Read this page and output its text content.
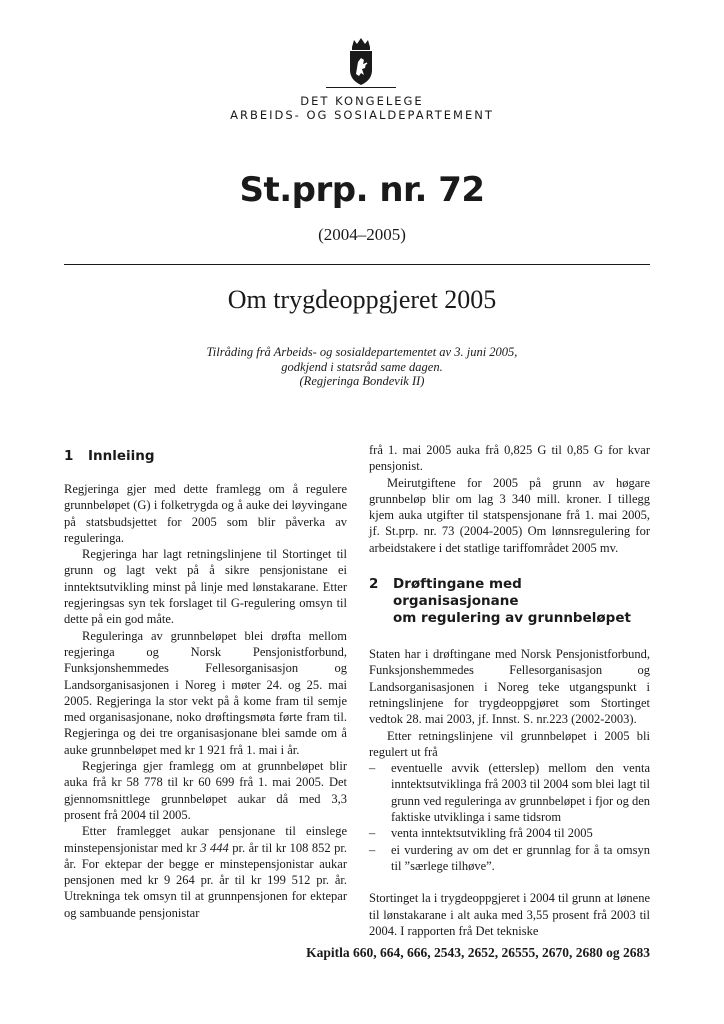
DET KONGELEGE
ARBEIDS- OG SOSIALDEPARTEMENT
St.prp. nr. 72
(2004–2005)
Om trygdeoppgjeret 2005
Tilråding frå Arbeids- og sosialdepartementet av 3. juni 2005,
godkjend i statsråd same dagen.
(Regjeringa Bondevik II)
1	Innleiing

Regjeringa gjer med dette framlegg om å regulere grunnbeløpet (G) i folketrygda og å auke dei løyvingane på statsbudsjettet for 2005 som blir påverka av reguleringa.

Regjeringa har lagt retningslinjene til Stortinget til grunn og lagt vekt på å sikre pensjonistane ei inntektsutvikling minst på linje med lønstakarane. Etter regjeringsas syn tek forslaget til G-regulering omsyn til dette på ein god måte.

Reguleringa av grunnbeløpet blei drøfta mellom regjeringa og Norsk Pensjonistforbund, Funksjonshemmedes Fellesorganisasjon og Landsorganisasjonen i Noreg i møter 24. og 25. mai 2005. Regjeringa la stor vekt på å kome fram til semje med organisasjonane, noko drøftingsmøta førte fram til. Regjeringa og dei tre organisasjonane blei samde om å auke grunnbeløpet med kr 1 921 frå 1. mai i år.

Regjeringa gjer framlegg om at grunnbeløpet blir auka frå kr 58 778 til kr 60 699 frå 1. mai 2005. Det gjennomsnittlege grunnbeløpet aukar då med 3,3 prosent frå 2004 til 2005.

Etter framlegget aukar pensjonane til einslege minstepensjonistar med kr 3 444 pr. år til kr 108 852 pr. år. For ektepar der begge er minstepensjonistar aukar pensjonen med kr 9 264 pr. år til kr 199 512 pr. år. Utrekninga tek omsyn til at grunnpensjonen for ektepar og sambuande pensjonistar

frå 1. mai 2005 auka frå 0,825 G til 0,85 G for kvar pensjonist.

Meirutgiftene for 2005 på grunn av høgare grunnbeløp blir om lag 3 340 mill. kroner. I tillegg kjem auka utgifter til statspensjonane frå 1. mai 2005, jf. St.prp. nr. 73 (2004-2005) Om lønnsregulering for arbeidstakere i det statlige tariffområdet 2005 mv.

2	Drøftingane med organisasjonane
om regulering av grunnbeløpet

Staten har i drøftingane med Norsk Pensjonistforbund, Funksjonshemmedes Fellesorganisasjon og Landsorganisasjonen i Noreg teke utgangspunkt i retningslinjene for trygdeoppgjøret som Stortinget vedtok 28. mai 2003, jf. Innst. S. nr.223 (2002-2003).

Etter retningslinjene vil grunnbeløpet i 2005 bli regulert ut frå

–	eventuelle avvik (etterslep) mellom den venta inntektsutviklinga frå 2003 til 2004 som blei lagt til grunn ved reguleringa av grunnbeløpet i fjor og den faktiske utviklinga i same tidsrom
–	venta inntektsutvikling frå 2004 til 2005
–	ei vurdering av om det er grunnlag for å ta omsyn til ”særlege tilhøve”.

Stortinget la i trygdeoppgjeret i 2004 til grunn at lønene til lønstakarane i alt auka med 3,55 prosent frå 2003 til 2004. I rapporten frå Det tekniske

Kapitla 660, 664, 666, 2543, 2652, 26555, 2670, 2680 og 2683
